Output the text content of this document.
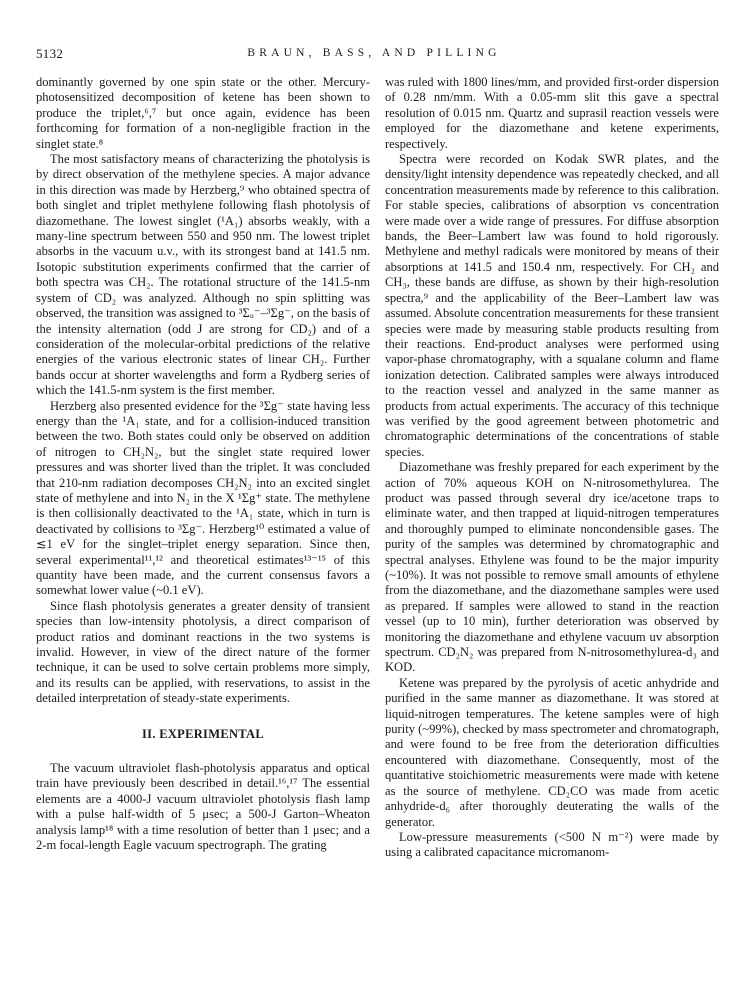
5132	BRAUN, BASS, AND PILLING

dominantly governed by one spin state or the other. Mercury-photosensitized decomposition of ketene has been shown to produce the triplet,⁶,⁷ but once again, evidence has been forthcoming for formation of a non-negligible fraction in the singlet state.⁸

The most satisfactory means of characterizing the photolysis is by direct observation of the methylene species. A major advance in this direction was made by Herzberg,⁹ who obtained spectra of both singlet and triplet methylene following flash photolysis of diazomethane. The lowest singlet (¹A₁) absorbs weakly, with a many-line spectrum between 550 and 950 nm. The lowest triplet absorbs in the vacuum u.v., with its strongest band at 141.5 nm. Isotopic substitution experiments confirmed that the carrier of both spectra was CH₂. The rotational structure of the 141.5-nm system of CD₂ was analyzed. Although no spin splitting was observed, the transition was assigned to ³Σᵤ⁻–³Σg⁻, on the basis of the intensity alternation (odd J are strong for CD₂) and of a consideration of the molecular-orbital predictions of the relative energies of the various electronic states of linear CH₂. Further bands occur at shorter wavelengths and form a Rydberg series of which the 141.5-nm system is the first member.

Herzberg also presented evidence for the ³Σg⁻ state having less energy than the ¹A₁ state, and for a collision-induced transition between the two. Both states could only be observed on addition of nitrogen to CH₂N₂, but the singlet state required lower pressures and was shorter lived than the triplet. It was concluded that 210-nm radiation decomposes CH₂N₂ into an excited singlet state of methylene and into N₂ in the X ¹Σg⁺ state. The methylene is then collisionally deactivated to the ¹A₁ state, which in turn is deactivated by collisions to ³Σg⁻. Herzberg¹⁰ estimated a value of ≲1 eV for the singlet–triplet energy separation. Since then, several experimental¹¹,¹² and theoretical estimates¹³⁻¹⁵ of this quantity have been made, and the current consensus favors a somewhat lower value (~0.1 eV).

Since flash photolysis generates a greater density of transient species than low-intensity photolysis, a direct comparison of product ratios and dominant reactions in the two systems is invalid. However, in view of the direct nature of the former technique, it can be used to solve certain problems more simply, and its results can be applied, with reservations, to assist in the detailed interpretation of steady-state experiments.

II. EXPERIMENTAL

The vacuum ultraviolet flash-photolysis apparatus and optical train have previously been described in detail.¹⁶,¹⁷ The essential elements are a 4000-J vacuum ultraviolet photolysis flash lamp with a pulse half-width of 5 μsec; a 500-J Garton–Wheaton analysis lamp¹⁸ with a time resolution of better than 1 μsec; and a 2-m focal-length Eagle vacuum spectrograph. The grating

was ruled with 1800 lines/mm, and provided first-order dispersion of 0.28 nm/mm. With a 0.05-mm slit this gave a spectral resolution of 0.015 nm. Quartz and suprasil reaction vessels were employed for the diazomethane and ketene experiments, respectively.

Spectra were recorded on Kodak SWR plates, and the density/light intensity dependence was repeatedly checked, and all concentration measurements made by reference to this calibration. For stable species, calibrations of absorption vs concentration were made over a wide range of pressures. For diffuse absorption bands, the Beer–Lambert law was found to hold rigorously. Methylene and methyl radicals were monitored by means of their absorptions at 141.5 and 150.4 nm, respectively. For CH₂ and CH₃, these bands are diffuse, as shown by their high-resolution spectra,⁹ and the applicability of the Beer–Lambert law was assumed. Absolute concentration measurements for these transient species were made by measuring stable products resulting from their reactions. End-product analyses were performed using vapor-phase chromatography, with a squalane column and flame ionization detection. Calibrated samples were always introduced to the reaction vessel and analyzed in the same manner as products from actual experiments. The accuracy of this technique was verified by the good agreement between photometric and chromatographic determinations of the concentrations of stable species.

Diazomethane was freshly prepared for each experiment by the action of 70% aqueous KOH on N-nitrosomethylurea. The product was passed through several dry ice/acetone traps to eliminate water, and then trapped at liquid-nitrogen temperatures and thoroughly pumped to eliminate noncondensible gases. The purity of the samples was determined by chromatographic and spectral analyses. Ethylene was found to be the major impurity (~10%). It was not possible to remove small amounts of ethylene from the diazomethane, and the diazomethane samples were used as prepared. If samples were allowed to stand in the reaction vessel (up to 10 min), further deterioration was observed by monitoring the diazomethane and ethylene vacuum uv absorption spectrum. CD₂N₂ was prepared from N-nitrosomethylurea-d₃ and KOD.

Ketene was prepared by the pyrolysis of acetic anhydride and purified in the same manner as diazomethane. It was stored at liquid-nitrogen temperatures. The ketene samples were of high purity (~99%), checked by mass spectrometer and chromatograph, and were found to be free from the deterioration difficulties encountered with diazomethane. Consequently, most of the quantitative stoichiometric measurements were made with ketene as the source of methylene. CD₂CO was made from acetic anhydride-d₆ after thoroughly deuterating the walls of the generator.

Low-pressure measurements (<500 N m⁻²) were made by using a calibrated capacitance micromanom-
